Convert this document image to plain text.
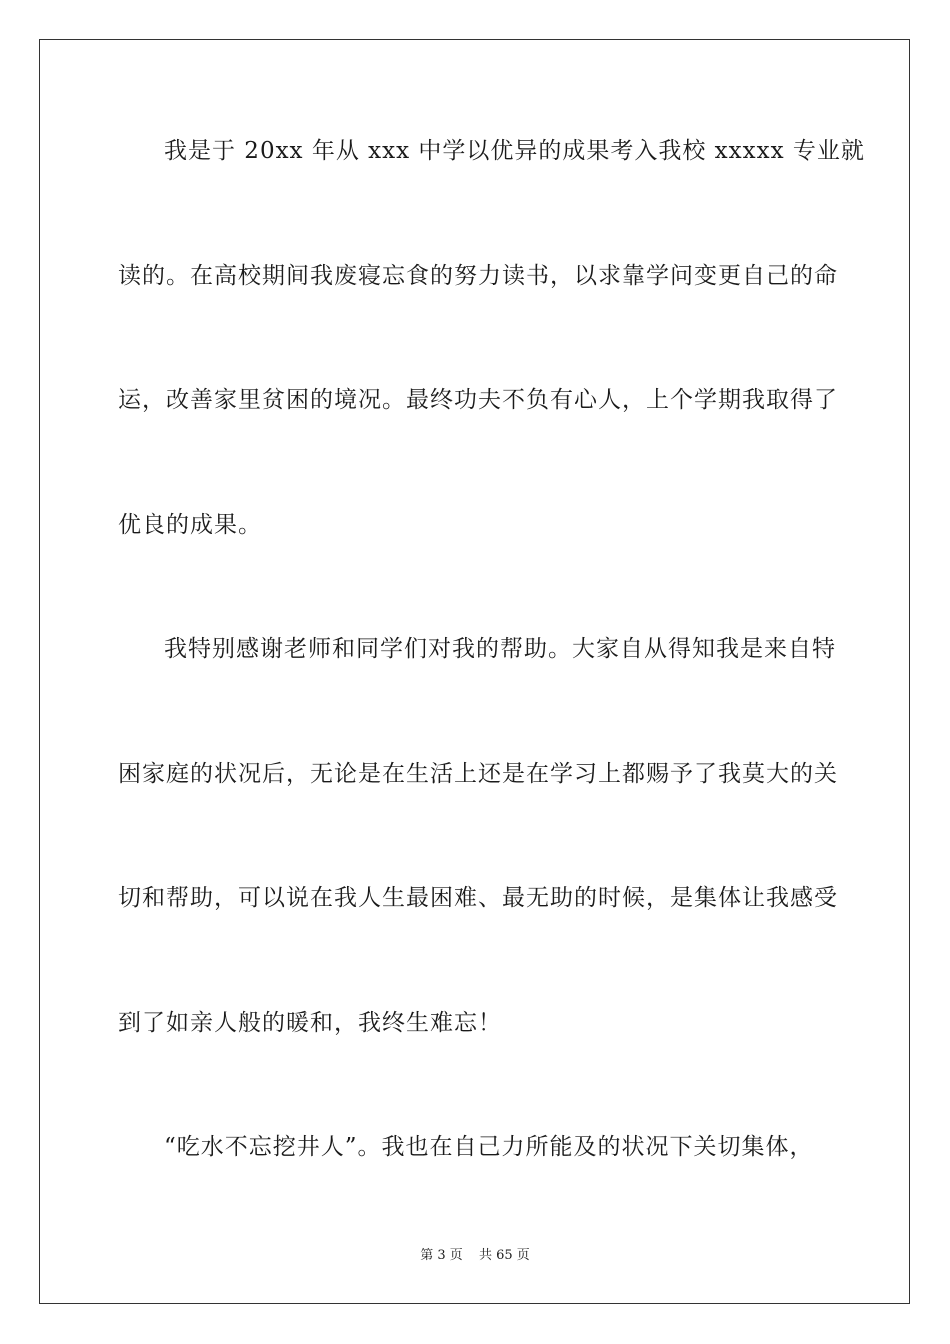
我是于 20xx 年从 xxx 中学以优异的成果考入我校 xxxxx 专业就
读的。在高校期间我废寝忘食的努力读书，以求靠学问变更自己的命
运，改善家里贫困的境况。最终功夫不负有心人，上个学期我取得了
优良的成果。
我特别感谢老师和同学们对我的帮助。大家自从得知我是来自特
困家庭的状况后，无论是在生活上还是在学习上都赐予了我莫大的关
切和帮助，可以说在我人生最困难、最无助的时候，是集体让我感受
到了如亲人般的暖和，我终生难忘！
“吃水不忘挖井人”。我也在自己力所能及的状况下关切集体，
第 3 页 共 65 页
